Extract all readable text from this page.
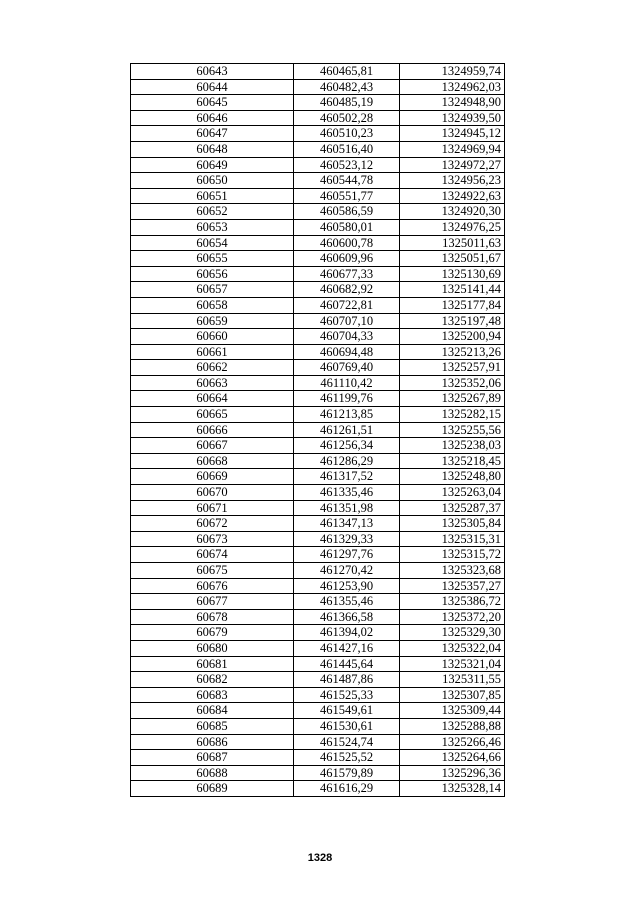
60643	460465,81	1324959,74
60644	460482,43	1324962,03
60645	460485,19	1324948,90
60646	460502,28	1324939,50
60647	460510,23	1324945,12
60648	460516,40	1324969,94
60649	460523,12	1324972,27
60650	460544,78	1324956,23
60651	460551,77	1324922,63
60652	460586,59	1324920,30
60653	460580,01	1324976,25
60654	460600,78	1325011,63
60655	460609,96	1325051,67
60656	460677,33	1325130,69
60657	460682,92	1325141,44
60658	460722,81	1325177,84
60659	460707,10	1325197,48
60660	460704,33	1325200,94
60661	460694,48	1325213,26
60662	460769,40	1325257,91
60663	461110,42	1325352,06
60664	461199,76	1325267,89
60665	461213,85	1325282,15
60666	461261,51	1325255,56
60667	461256,34	1325238,03
60668	461286,29	1325218,45
60669	461317,52	1325248,80
60670	461335,46	1325263,04
60671	461351,98	1325287,37
60672	461347,13	1325305,84
60673	461329,33	1325315,31
60674	461297,76	1325315,72
60675	461270,42	1325323,68
60676	461253,90	1325357,27
60677	461355,46	1325386,72
60678	461366,58	1325372,20
60679	461394,02	1325329,30
60680	461427,16	1325322,04
60681	461445,64	1325321,04
60682	461487,86	1325311,55
60683	461525,33	1325307,85
60684	461549,61	1325309,44
60685	461530,61	1325288,88
60686	461524,74	1325266,46
60687	461525,52	1325264,66
60688	461579,89	1325296,36
60689	461616,29	1325328,14
1328
